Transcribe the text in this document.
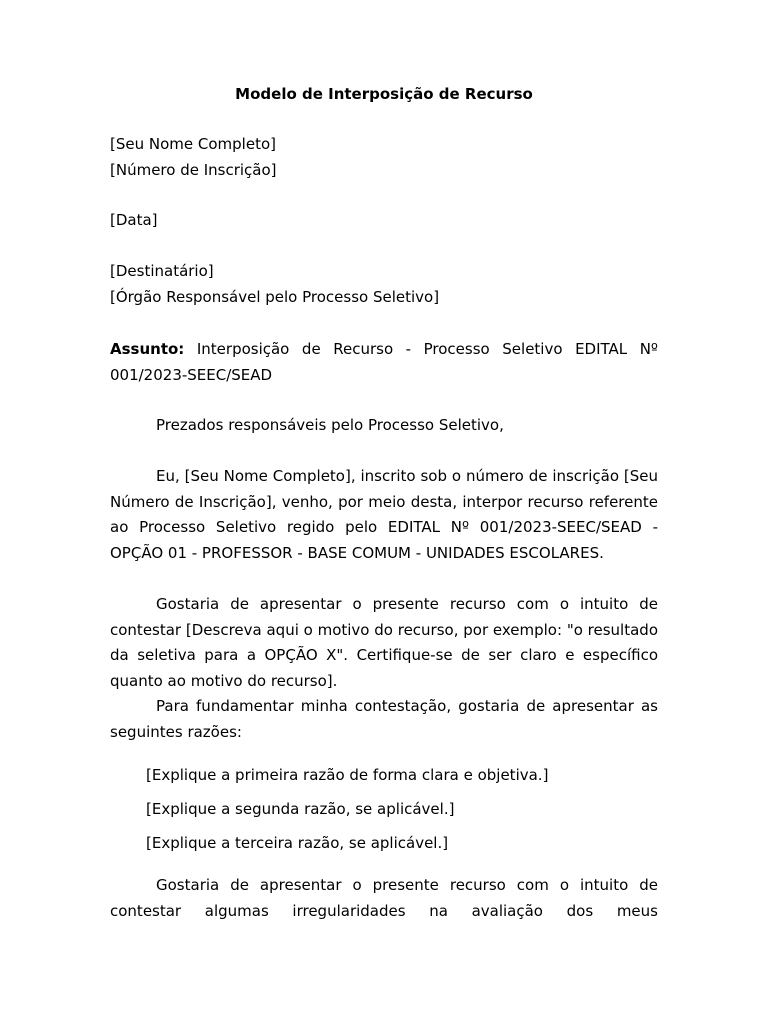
Modelo de Interposição de Recurso

[Seu Nome Completo]

[Número de Inscrição]

[Data]

[Destinatário]

[Órgão Responsável pelo Processo Seletivo]

Assunto: Interposição de Recurso - Processo Seletivo EDITAL Nº 001/2023-SEEC/SEAD

Prezados responsáveis pelo Processo Seletivo,

Eu, [Seu Nome Completo], inscrito sob o número de inscrição [Seu Número de Inscrição], venho, por meio desta, interpor recurso referente ao Processo Seletivo regido pelo EDITAL Nº 001/2023-SEEC/SEAD - OPÇÃO 01 - PROFESSOR - BASE COMUM - UNIDADES ESCOLARES.

Gostaria de apresentar o presente recurso com o intuito de contestar [Descreva aqui o motivo do recurso, por exemplo: "o resultado da seletiva para a OPÇÃO X". Certifique-se de ser claro e específico quanto ao motivo do recurso].

Para fundamentar minha contestação, gostaria de apresentar as seguintes razões:

[Explique a primeira razão de forma clara e objetiva.]

[Explique a segunda razão, se aplicável.]

[Explique a terceira razão, se aplicável.]

Gostaria de apresentar o presente recurso com o intuito de contestar algumas irregularidades na avaliação dos meus
